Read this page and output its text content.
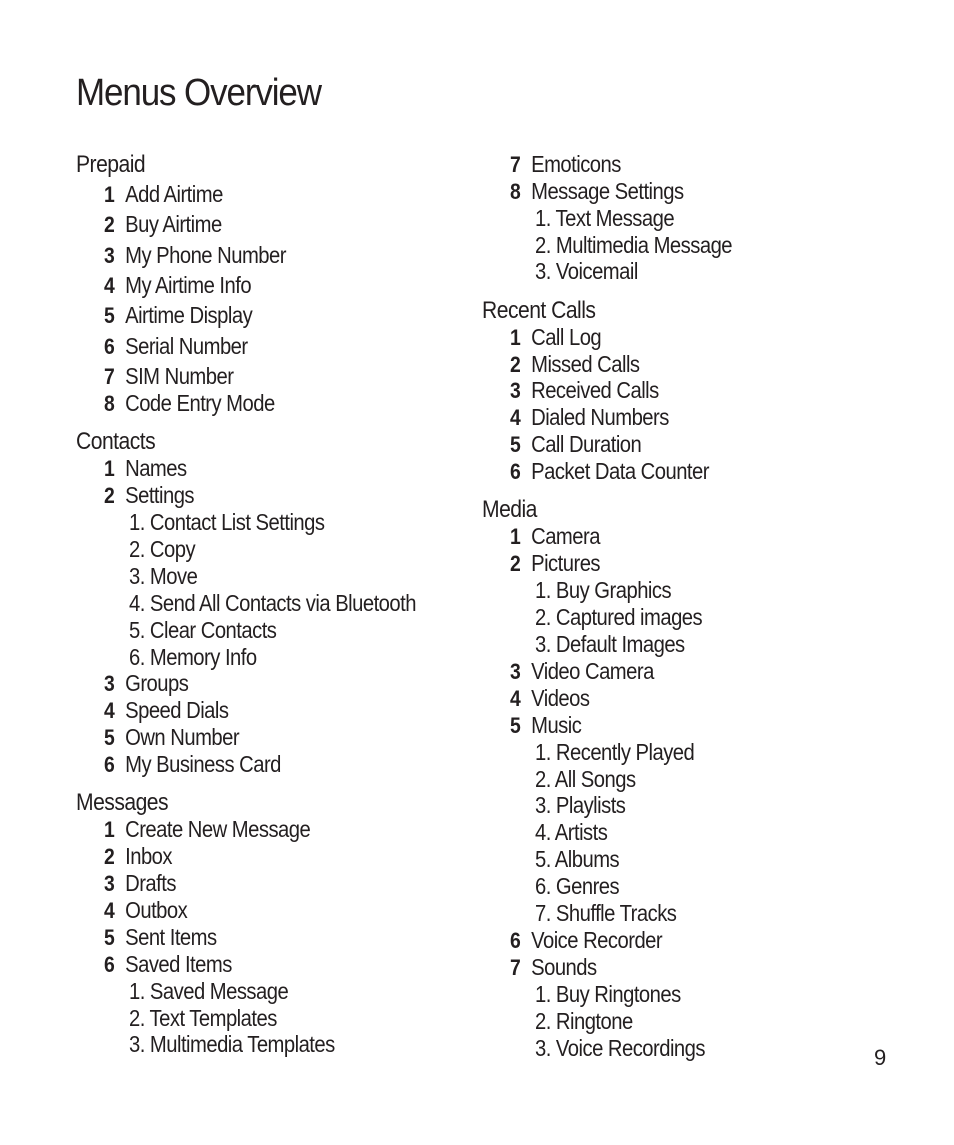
Menus Overview
Prepaid
1 Add Airtime
2 Buy Airtime
3 My Phone Number
4 My Airtime Info
5 Airtime Display
6 Serial Number
7 SIM Number
8 Code Entry Mode
Contacts
1 Names
2 Settings
1. Contact List Settings
2. Copy
3. Move
4. Send All Contacts via Bluetooth
5. Clear Contacts
6. Memory Info
3 Groups
4 Speed Dials
5 Own Number
6 My Business Card
Messages
1 Create New Message
2 Inbox
3 Drafts
4 Outbox
5 Sent Items
6 Saved Items
1. Saved Message
2. Text Templates
3. Multimedia Templates
7 Emoticons
8 Message Settings
1. Text Message
2. Multimedia Message
3. Voicemail
Recent Calls
1 Call Log
2 Missed Calls
3 Received Calls
4 Dialed Numbers
5 Call Duration
6 Packet Data Counter
Media
1 Camera
2 Pictures
1. Buy Graphics
2. Captured images
3. Default Images
3 Video Camera
4 Videos
5 Music
1. Recently Played
2. All Songs
3. Playlists
4. Artists
5. Albums
6. Genres
7. Shuffle Tracks
6 Voice Recorder
7 Sounds
1. Buy Ringtones
2. Ringtone
3. Voice Recordings	9
